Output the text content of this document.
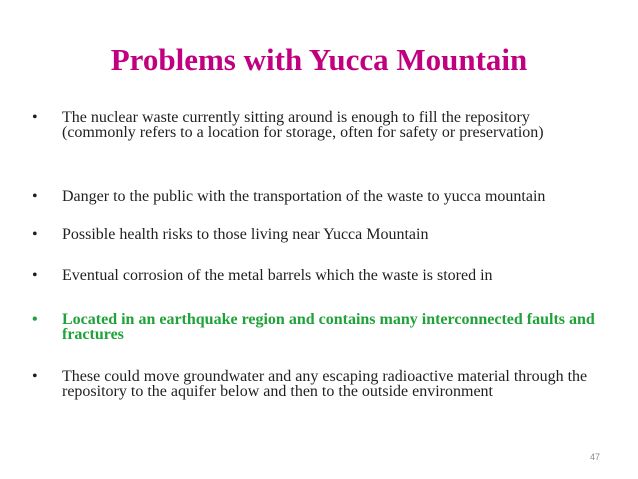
Problems with Yucca Mountain
•	The nuclear waste currently sitting around is enough to fill the repository (commonly refers to a location for storage, often for safety or preservation)
•	Danger to the public with the transportation of the waste to yucca mountain
•	Possible health risks to those living near Yucca Mountain
•	Eventual corrosion of the metal barrels which the waste is stored in
•	Located in an earthquake region and contains many interconnected faults and fractures
•	These could move groundwater and any escaping radioactive material through the repository to the aquifer below and then to the outside environment
47
